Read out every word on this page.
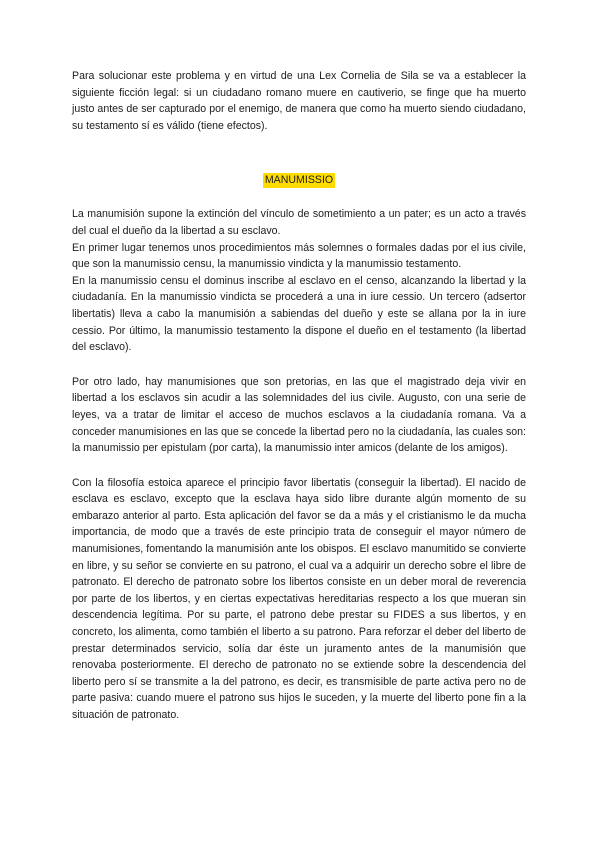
Para solucionar este problema y en virtud de una Lex Cornelia de Sila se va a establecer la siguiente ficción legal: si un ciudadano romano muere en cautiverio, se finge que ha muerto justo antes de ser capturado por el enemigo, de manera que como ha muerto siendo ciudadano, su testamento sí es válido (tiene efectos).

MANUMISSIO

La manumisión supone la extinción del vínculo de sometimiento a un pater; es un acto a través del cual el dueño da la libertad a su esclavo.

En primer lugar tenemos unos procedimientos más solemnes o formales dadas por el ius civile, que son la manumissio censu, la manumissio vindicta y la manumissio testamento.

En la manumissio censu el dominus inscribe al esclavo en el censo, alcanzando la libertad y la ciudadanía. En la manumissio vindicta se procederá a una in iure cessio. Un tercero (adsertor libertatis) lleva a cabo la manumisión a sabiendas del dueño y este se allana por la in iure cessio. Por último, la manumissio testamento la dispone el dueño en el testamento (la libertad del esclavo).

Por otro lado, hay manumisiones que son pretorias, en las que el magistrado deja vivir en libertad a los esclavos sin acudir a las solemnidades del ius civile. Augusto, con una serie de leyes, va a tratar de limitar el acceso de muchos esclavos a la ciudadanía romana. Va a conceder manumisiones en las que se concede la libertad pero no la ciudadanía, las cuales son: la manumissio per epistulam (por carta), la manumissio inter amicos (delante de los amigos).

Con la filosofía estoica aparece el principio favor libertatis (conseguir la libertad). El nacido de esclava es esclavo, excepto que la esclava haya sido libre durante algún momento de su embarazo anterior al parto. Esta aplicación del favor se da a más y el cristianismo le da mucha importancia, de modo que a través de este principio trata de conseguir el mayor número de manumisiones, fomentando la manumisión ante los obispos. El esclavo manumitido se convierte en libre, y su señor se convierte en su patrono, el cual va a adquirir un derecho sobre el libre de patronato. El derecho de patronato sobre los libertos consiste en un deber moral de reverencia por parte de los libertos, y en ciertas expectativas hereditarias respecto a los que mueran sin descendencia legítima. Por su parte, el patrono debe prestar su FIDES a sus libertos, y en concreto, los alimenta, como también el liberto a su patrono. Para reforzar el deber del liberto de prestar determinados servicio, solía dar éste un juramento antes de la manumisión que renovaba posteriormente. El derecho de patronato no se extiende sobre la descendencia del liberto pero sí se transmite a la del patrono, es decir, es transmisible de parte activa pero no de parte pasiva: cuando muere el patrono sus hijos le suceden, y la muerte del liberto pone fin a la situación de patronato.
